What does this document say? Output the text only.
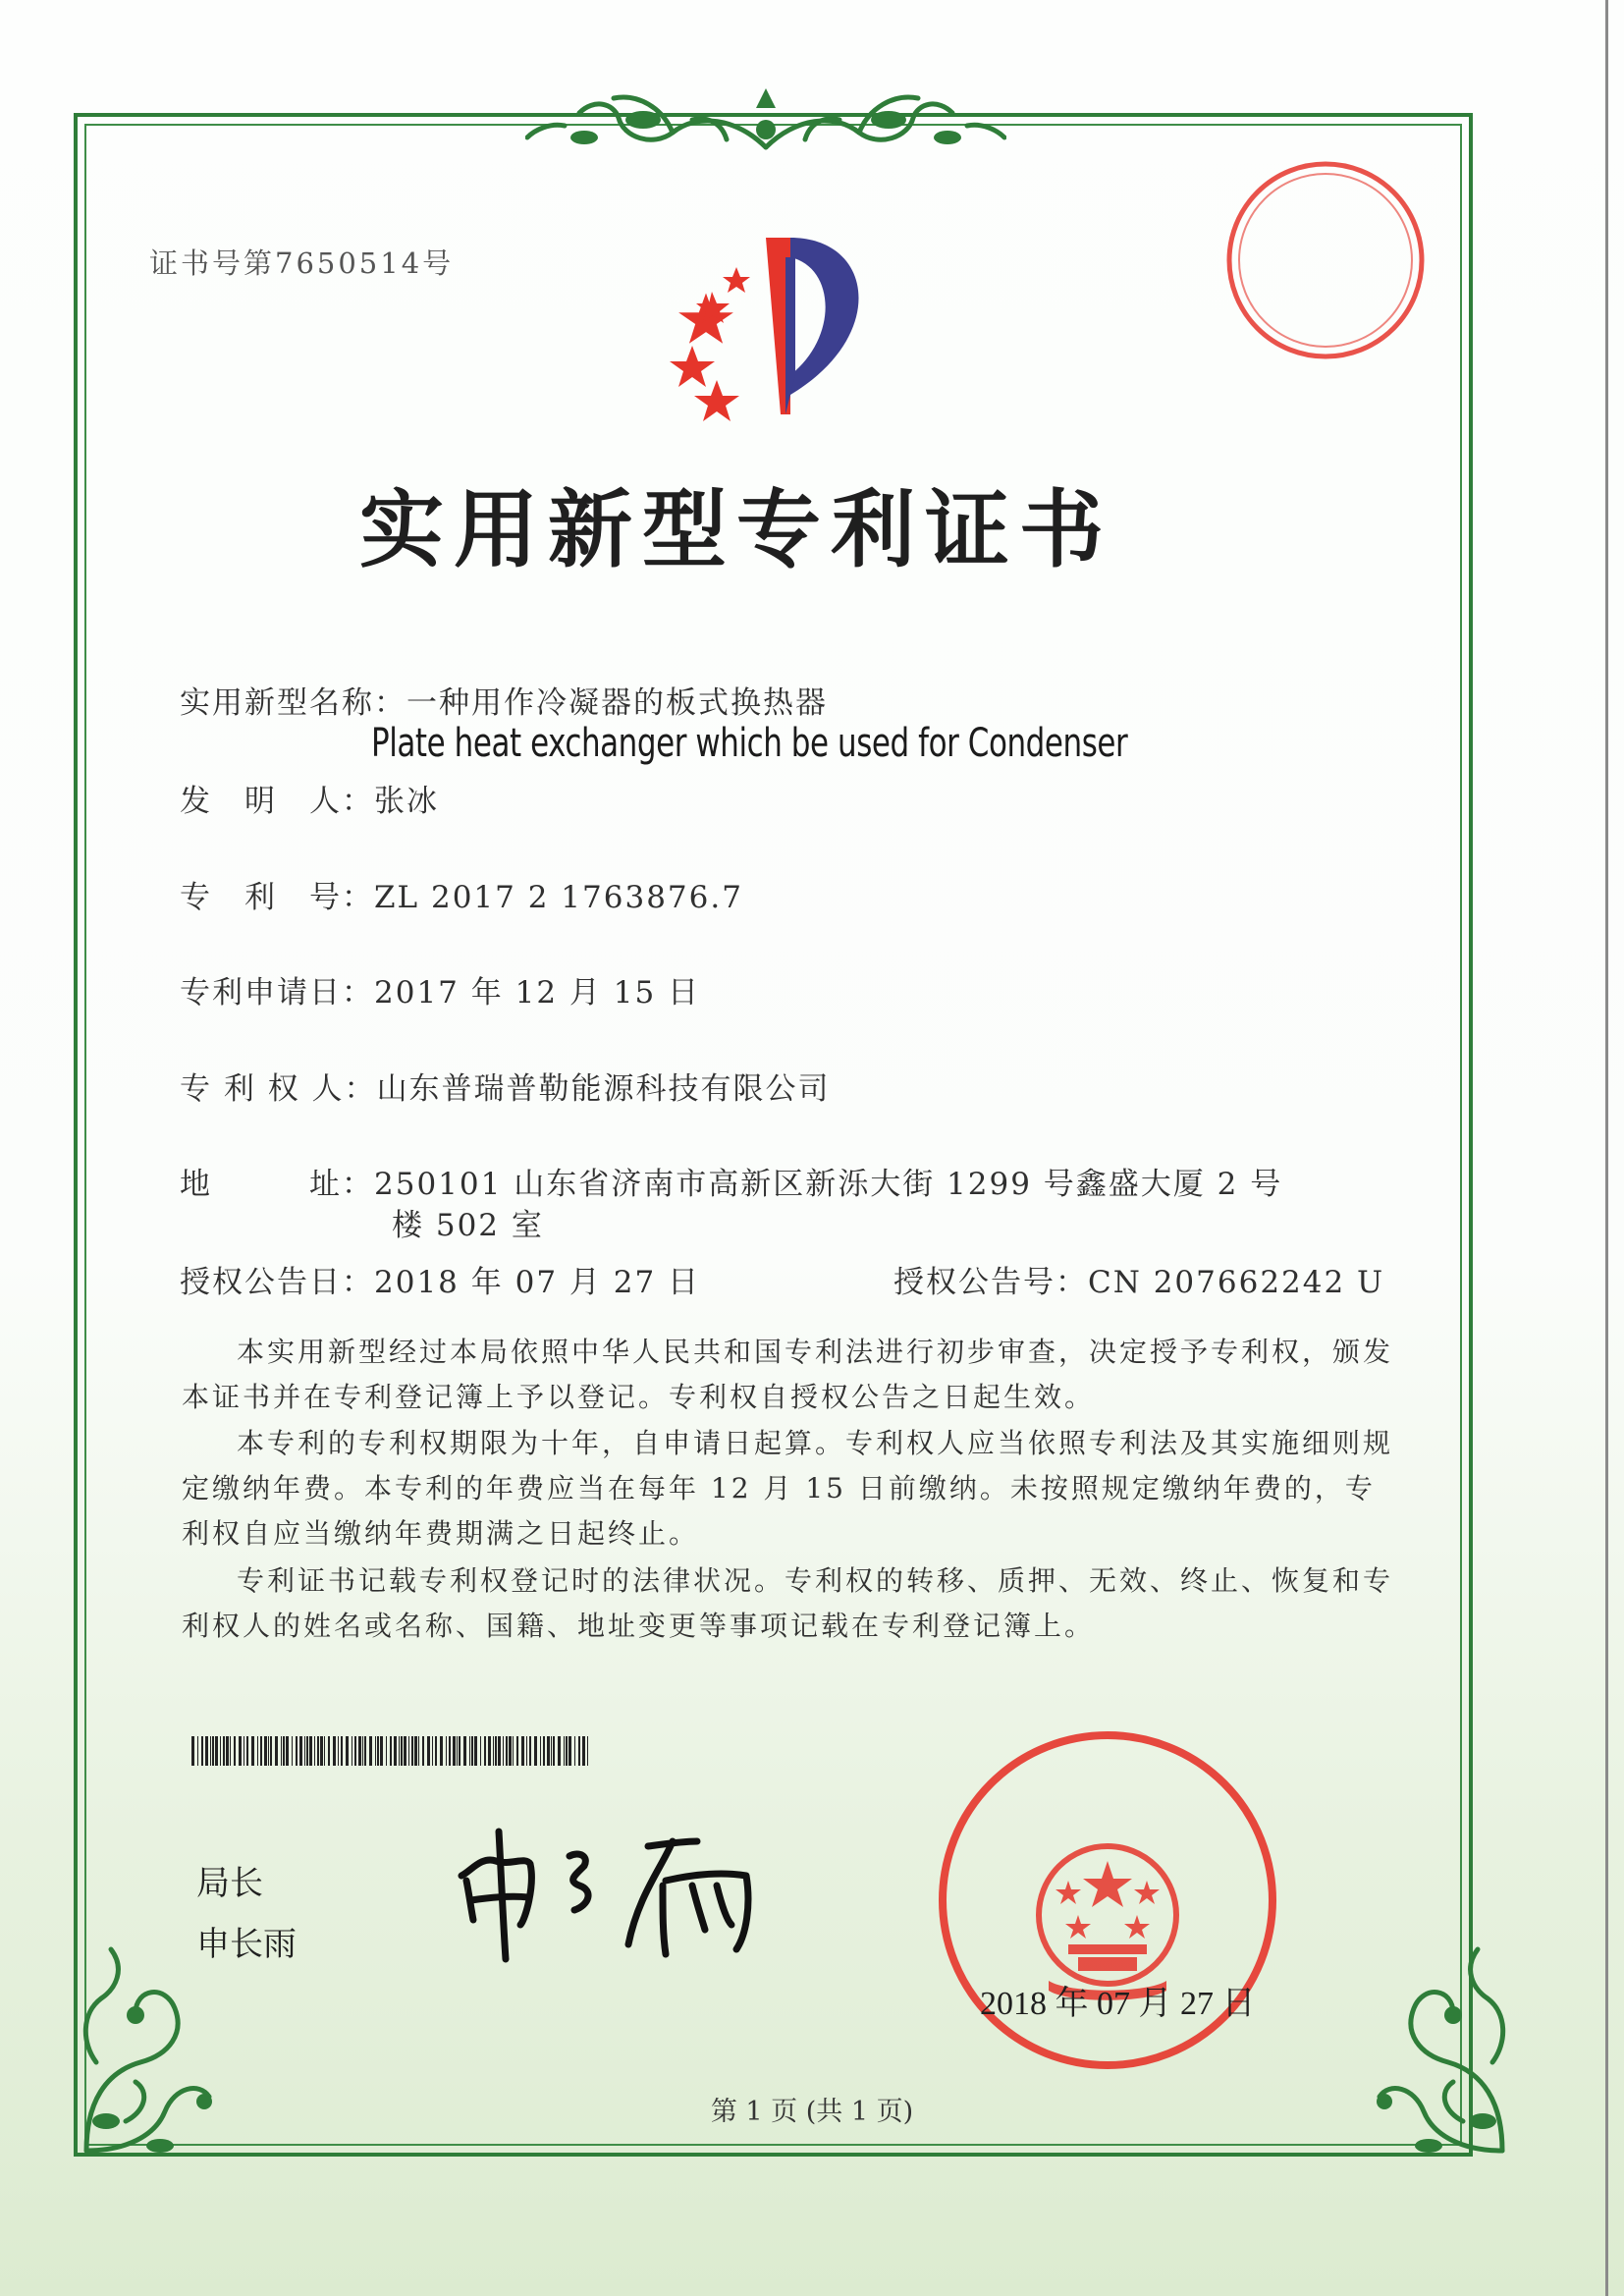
证书号第7650514号
实用新型专利证书
实用新型名称：一种用作冷凝器的板式换热器
Plate heat exchanger which be used for Condenser
发　明　人：张冰
专　利　号：ZL 2017 2 1763876.7
专利申请日：2017 年 12 月 15 日
专 利 权 人：山东普瑞普勒能源科技有限公司
地　　　址：250101 山东省济南市高新区新泺大街 1299 号鑫盛大厦 2 号
楼 502 室
授权公告日：2018 年 07 月 27 日	授权公告号：CN 207662242 U
本实用新型经过本局依照中华人民共和国专利法进行初步审查，决定授予专利权，颁发本证书并在专利登记簿上予以登记。专利权自授权公告之日起生效。
本专利的专利权期限为十年，自申请日起算。专利权人应当依照专利法及其实施细则规定缴纳年费。本专利的年费应当在每年 12 月 15 日前缴纳。未按照规定缴纳年费的，专利权自应当缴纳年费期满之日起终止。
专利证书记载专利权登记时的法律状况。专利权的转移、质押、无效、终止、恢复和专利权人的姓名或名称、国籍、地址变更等事项记载在专利登记簿上。
局长
申长雨
2018 年 07 月 27 日
第 1 页 (共 1 页)
